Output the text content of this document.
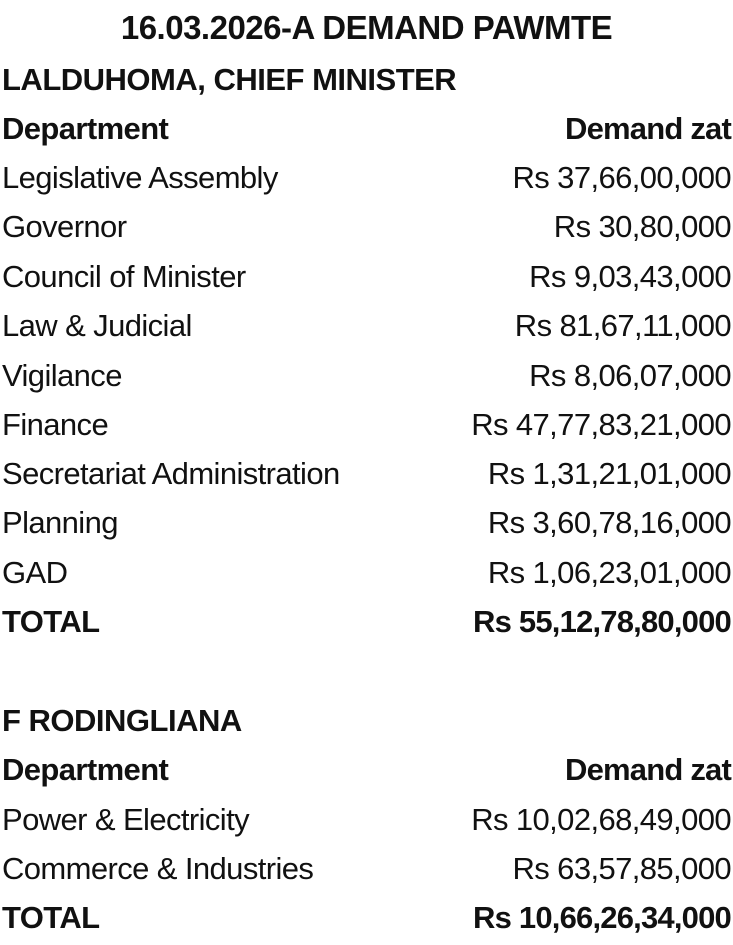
16.03.2026-A DEMAND PAWMTE
LALDUHOMA, CHIEF MINISTER
Department	Demand zat
Legislative Assembly	Rs 37,66,00,000
Governor	Rs 30,80,000
Council of Minister	Rs 9,03,43,000
Law & Judicial	Rs 81,67,11,000
Vigilance	Rs 8,06,07,000
Finance	Rs 47,77,83,21,000
Secretariat Administration	Rs 1,31,21,01,000
Planning	Rs 3,60,78,16,000
GAD	Rs 1,06,23,01,000
TOTAL	Rs 55,12,78,80,000
F RODINGLIANA
Department	Demand zat
Power & Electricity	Rs 10,02,68,49,000
Commerce & Industries	Rs 63,57,85,000
TOTAL	Rs 10,66,26,34,000
